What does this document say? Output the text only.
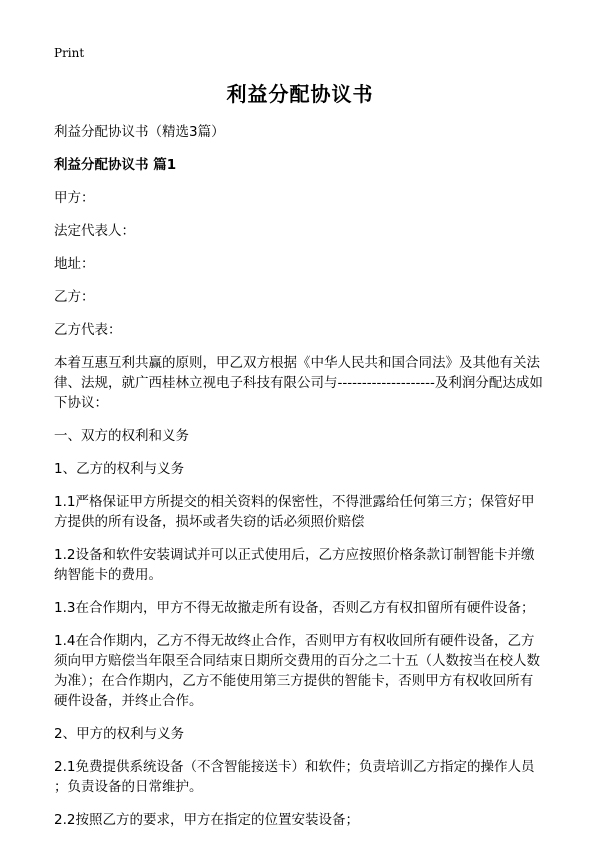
Print
利益分配协议书

利益分配协议书（精选3篇）

利益分配协议书 篇1

甲方：

法定代表人：

地址：

乙方：

乙方代表：

本着互惠互利共赢的原则，甲乙双方根据《中华人民共和国合同法》及其他有关法

律、法规，就广西桂林立视电子科技有限公司与--------------------及利润分配达成如

下协议：

一、双方的权利和义务

1、乙方的权利与义务

1.1严格保证甲方所提交的相关资料的保密性，不得泄露给任何第三方；保管好甲

方提供的所有设备，损坏或者失窃的话必须照价赔偿

1.2设备和软件安装调试并可以正式使用后，乙方应按照价格条款订制智能卡并缴

纳智能卡的费用。

1.3在合作期内，甲方不得无故撤走所有设备，否则乙方有权扣留所有硬件设备；

1.4在合作期内，乙方不得无故终止合作，否则甲方有权收回所有硬件设备，乙方

须向甲方赔偿当年限至合同结束日期所交费用的百分之二十五（人数按当在校人数

为准）；在合作期内，乙方不能使用第三方提供的智能卡，否则甲方有权收回所有

硬件设备，并终止合作。

2、甲方的权利与义务

2.1免费提供系统设备（不含智能接送卡）和软件；负责培训乙方指定的操作人员

；负责设备的日常维护。

2.2按照乙方的要求，甲方在指定的位置安装设备；
